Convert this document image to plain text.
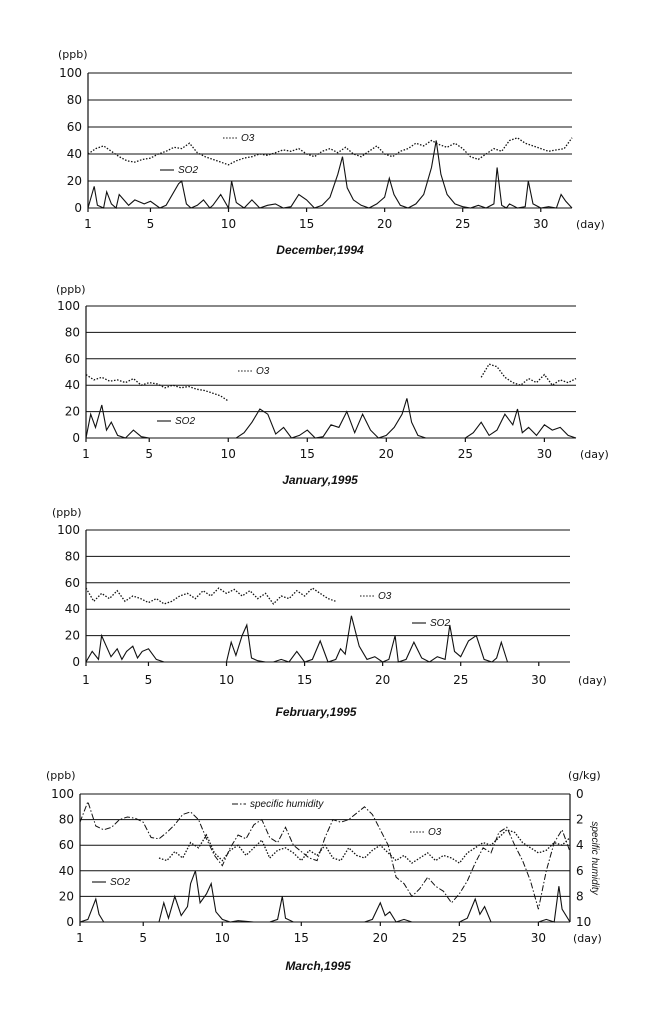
0
20
40
60
80
100
1	5	10	15	20	25	30
(ppb)
(day)
December,1994
O3
SO2
0
20
40
60
80
100
1	5	10	15	20	25	30
(ppb)
(day)
January,1995
O3
SO2
0
20
40
60
80
100
1	5	10	15	20	25	30
(ppb)
(day)
February,1995
O3
SO2
0
20
40
60
80
100
1	5	10	15	20	25	30
(ppb)
(day)
March,1995
0
2
4
6
8
10
(g/kg)
specific humidity
O3
SO2
specific humidity
